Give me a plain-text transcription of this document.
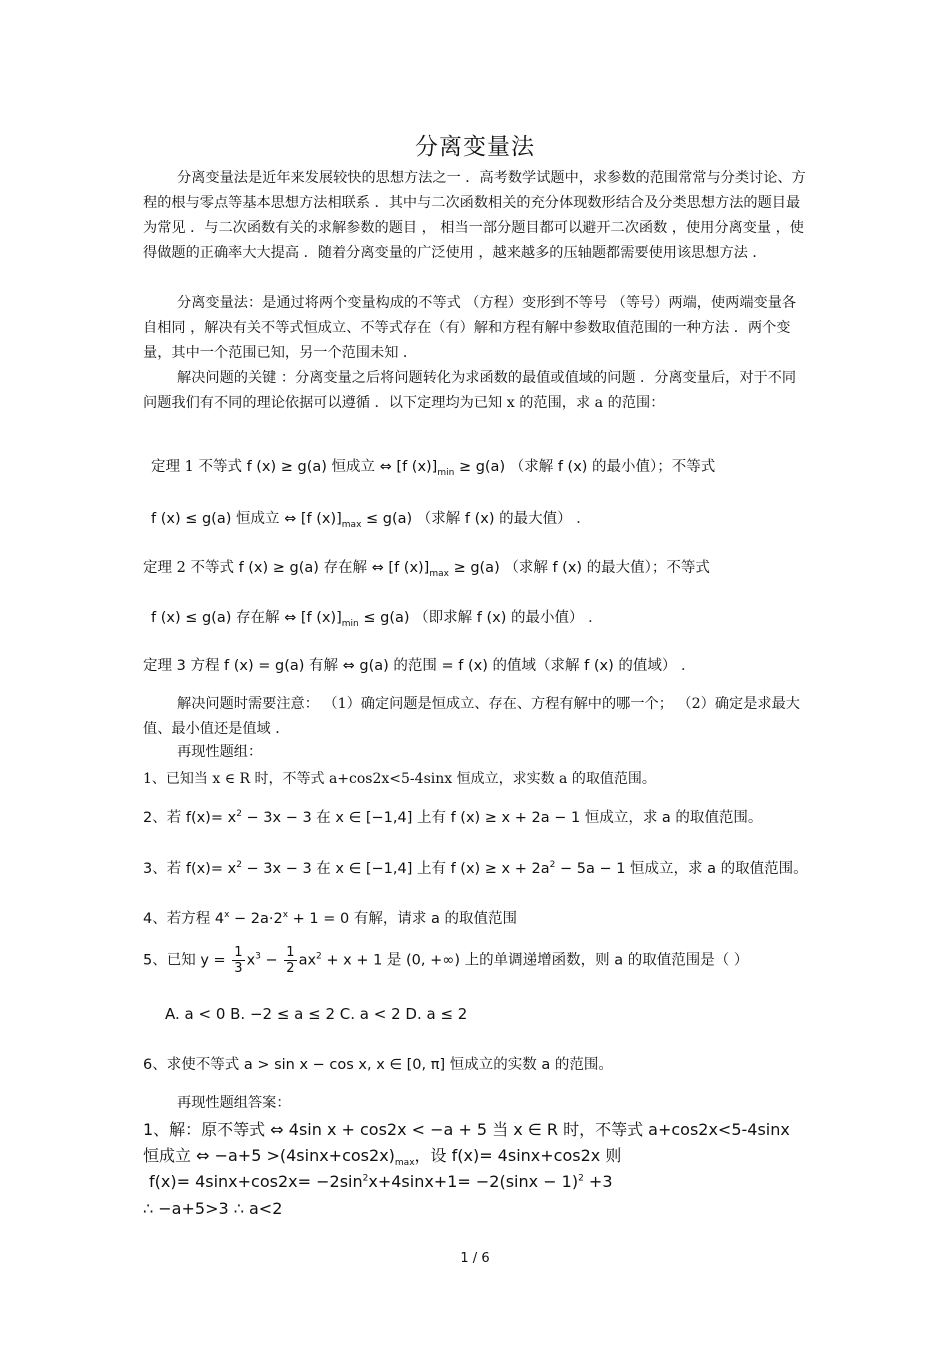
分离变量法
分离变量法是近年来发展较快的思想方法之一 ．高考数学试题中，求参数的范围常常与分类讨论、方程的根与零点等基本思想方法相联系 ．其中与二次函数相关的充分体现数形结合及分类思想方法的题目最为常见 ．与二次函数有关的求解参数的题目 ， 相当一部分题目都可以避开二次函数 ，使用分离变量 ，使得做题的正确率大大提高 ．随着分离变量的广泛使用 ，越来越多的压轴题都需要使用该思想方法 ．
分离变量法：是通过将两个变量构成的不等式 （方程）变形到不等号 （等号）两端，使两端变量各自相同 ，解决有关不等式恒成立、不等式存在（有）解和方程有解中参数取值范围的一种方法 ．两个变量，其中一个范围已知，另一个范围未知 ．
解决问题的关键 ：分离变量之后将问题转化为求函数的最值或值域的问题 ．分离变量后，对于不同问题我们有不同的理论依据可以遵循 ．以下定理均为已知 x 的范围，求 a 的范围：
定理 1 不等式 f (x) ≥ g(a) 恒成立 ⇔ [f $(x)]_{min} \ge g(a)$ （求解 f (x) 的最小值）；不等式
f (x) ≤ g(a) 恒成立 ⇔ [f $(x)]_{max} \le g(a)$ （求解 f (x) 的最大值） ．
定理 2 不等式 f (x) ≥ g(a) 存在解 ⇔ [f $(x)]_{max} \ge g(a)$ （求解 f (x) 的最大值）；不等式
f (x) ≤ g(a) 存在解 ⇔ [f $(x)]_{min} \le g(a)$ （即求解 f (x) 的最小值） ．
定理 3 方程 f (x) = g(a) 有解 ⇔ g(a) 的范围 = f (x) 的值域（求解 f (x) 的值域） ．
解决问题时需要注意： （1）确定问题是恒成立、存在、方程有解中的哪一个； （2）确定是求最大值、最小值还是值域 ．
再现性题组：
1、已知当 x ∈ R 时，不等式 a+cos2x<5-4sinx 恒成立，求实数 a 的取值范围。
2、若 $f(x)= x^2 - 3x - 3$ 在 x ∈ [−1,4] 上有 f (x) ≥ x + 2a − 1 恒成立，求 a 的取值范围。
3、若 $f(x)= x^2 - 3x - 3$ 在 x ∈ [−1,4] 上有 f $(x) \ge x + 2a^2 - 5a - 1$ 恒成立，求 a 的取值范围。
4、若方程 $4^x - 2a\cdot 2^x + 1 = 0$ 有解，请求 a 的取值范围
5、已知 $y = \frac{1}{3} x^3 - \frac{1}{2} ax^2 + x + 1$ 是 (0, +∞) 上的单调递增函数，则 a 的取值范围是（ ）
A. a < 0 B. −2 ≤ a ≤ 2 C. a < 2 D. a ≤ 2
6、求使不等式 a > sin x − cos x, x ∈ [0, π] 恒成立的实数 a 的范围。
再现性题组答案：
1、解：原不等式 ⇔ 4sin x + cos2x < −a + 5 当 x ∈ R 时，不等式 a+cos2x<5-4sinx
恒成立 ⇔ $-a+5 >(4\sin x+\cos 2x)_{max}$，设 f(x)= 4sinx+cos2x 则
$f(x)= 4\sin x+\cos 2x= -2\sin^2x+4\sin x+1= -2(\sin x - 1)^2 +3$
∴ −a+5>3 ∴ a<2
1 / 6
